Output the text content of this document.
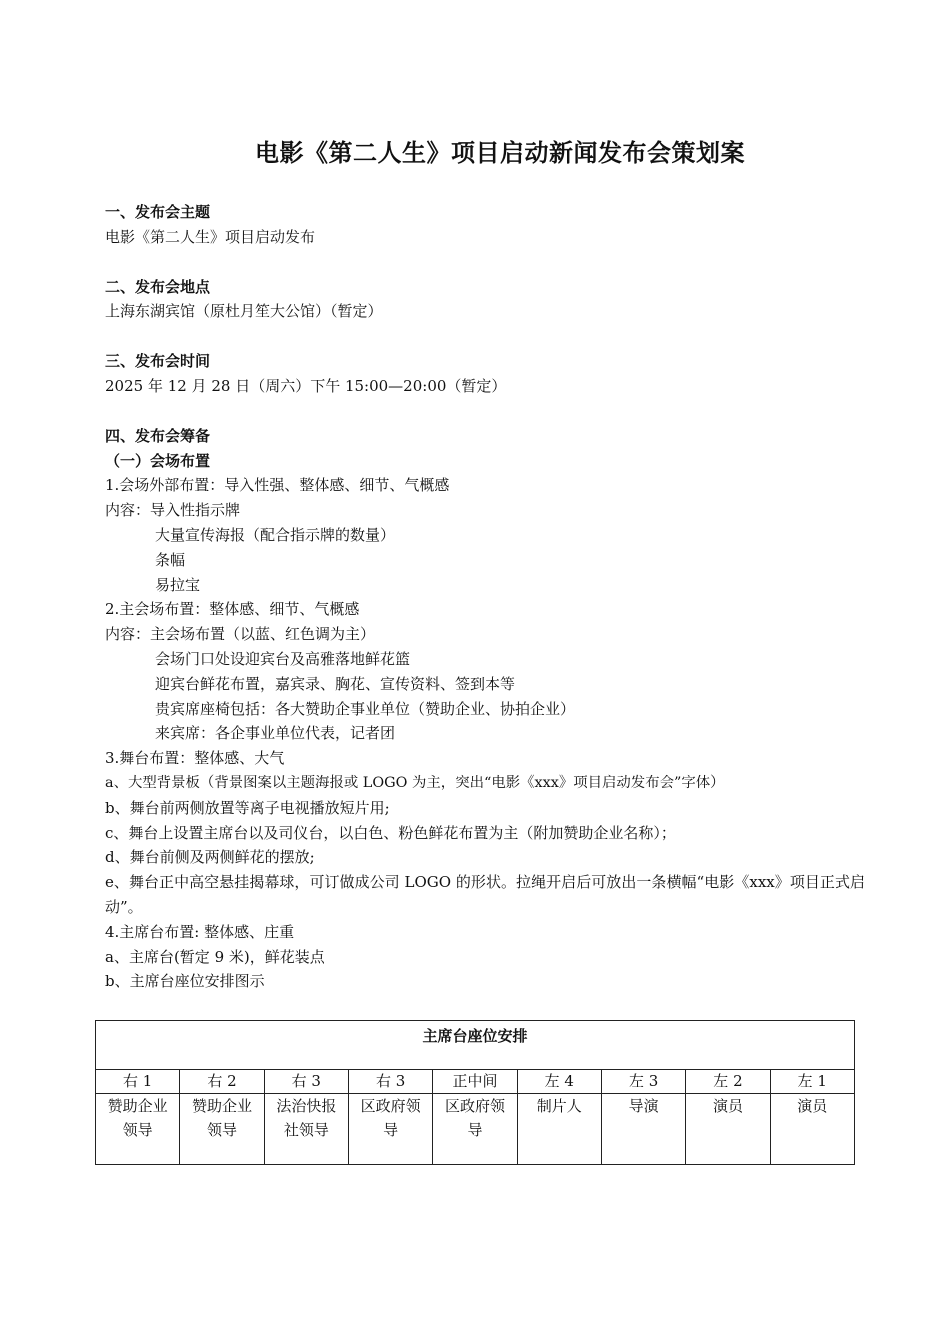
电影《第二人生》项目启动新闻发布会策划案
一、发布会主题
电影《第二人生》项目启动发布
二、发布会地点
上海东湖宾馆（原杜月笙大公馆）（暂定）
三、发布会时间
2025 年 12 月 28 日（周六）下午 15:00—20:00（暂定）
四、发布会筹备
（一）会场布置
1.会场外部布置：导入性强、整体感、细节、气概感
内容：导入性指示牌
大量宣传海报（配合指示牌的数量）
条幅
易拉宝
2.主会场布置：整体感、细节、气概感
内容：主会场布置（以蓝、红色调为主）
会场门口处设迎宾台及高雅落地鲜花篮
迎宾台鲜花布置，嘉宾录、胸花、宣传资料、签到本等
贵宾席座椅包括：各大赞助企事业单位（赞助企业、协拍企业）
来宾席：各企事业单位代表，记者团
3.舞台布置：整体感、大气
a、大型背景板（背景图案以主题海报或 LOGO 为主，突出“电影《xxx》项目启动发布会”字体）
b、舞台前两侧放置等离子电视播放短片用;
c、舞台上设置主席台以及司仪台，以白色、粉色鲜花布置为主（附加赞助企业名称）；
d、舞台前侧及两侧鲜花的摆放;
e、舞台正中高空悬挂揭幕球，可订做成公司 LOGO 的形状。拉绳开启后可放出一条横幅“电影《xxx》项目正式启动”。
4.主席台布置: 整体感、庄重
a、主席台(暂定 9 米)，鲜花装点
b、主席台座位安排图示
主席台座位安排								
右 1	右 2	右 3	右 3	正中间	左 4	左 3	左 2	左 1
赞助企业领导	赞助企业领导	法治快报社领导	区政府领导	区政府领导	制片人	导演	演员	演员
